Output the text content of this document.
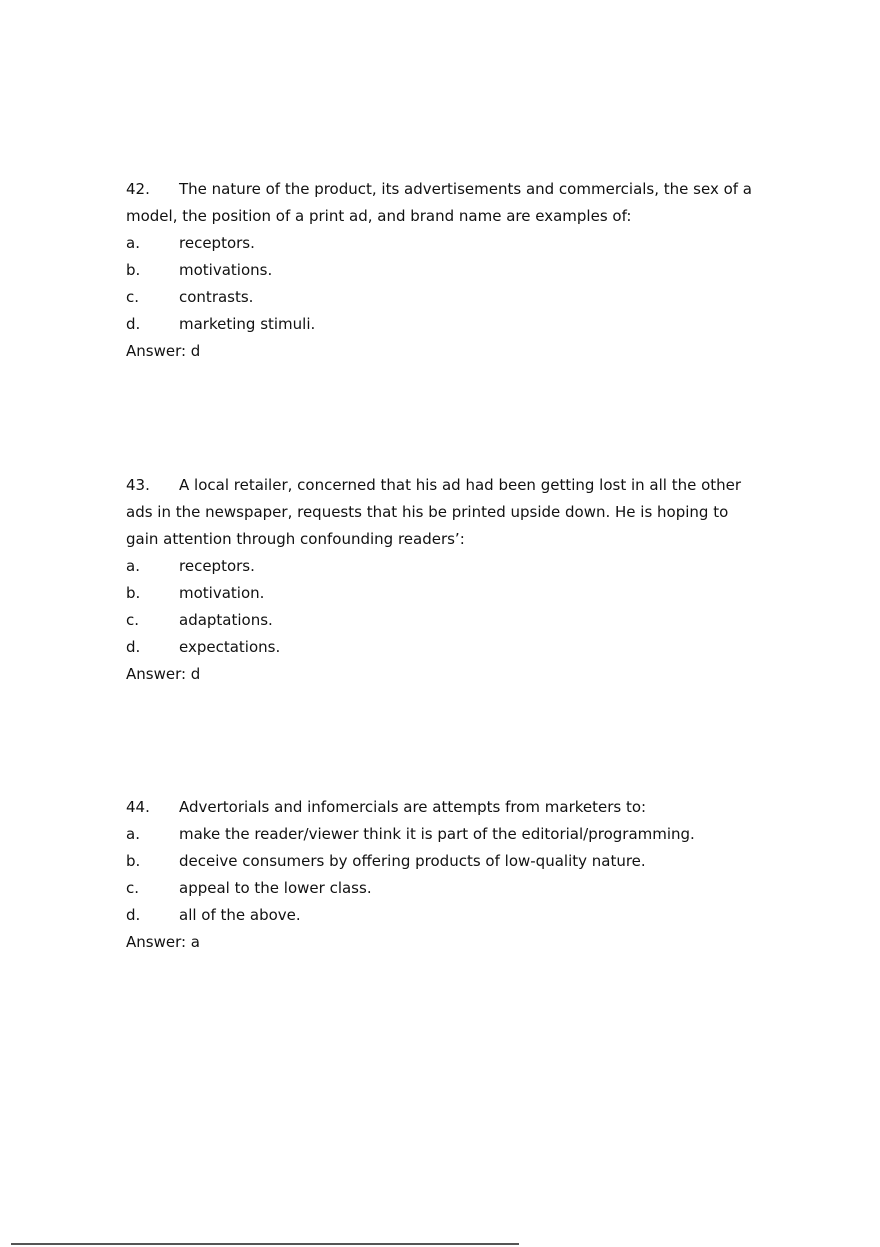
42. The nature of the product, its advertisements and commercials, the sex of a
model, the position of a print ad, and brand name are examples of:
a.	receptors.
b.	motivations.
c.	contrasts.
d.	marketing stimuli.
Answer: d
43. A local retailer, concerned that his ad had been getting lost in all the other
ads in the newspaper, requests that his be printed upside down. He is hoping to
gain attention through confounding readers’:
a.	receptors.
b.	motivation.
c.	adaptations.
d.	expectations.
Answer: d
44. Advertorials and infomercials are attempts from marketers to:
a.	make the reader/viewer think it is part of the editorial/programming.
b.	deceive consumers by offering products of low-quality nature.
c.	appeal to the lower class.
d.	all of the above.
Answer: a
